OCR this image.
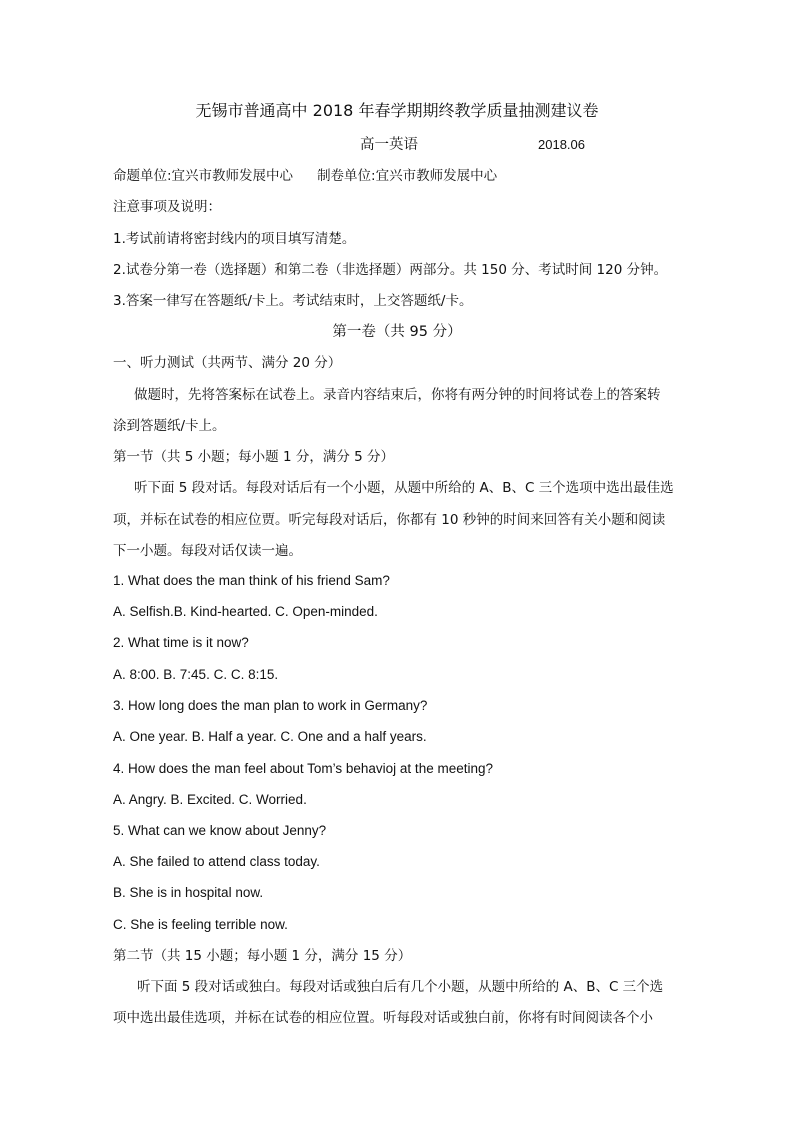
无锡市普通高中 2018 年春学期期终教学质量抽测建议卷
高一英语	2018.06
命题单位:宜兴市教师发展中心 制卷单位:宜兴市教师发展中心
注意事项及说明：
1.考试前请将密封线内的项目填写清楚。
2.试卷分第一卷（选择题）和第二卷（非选择题）两部分。共 150 分、考试时间 120 分钟。
3.答案一律写在答题纸/卡上。考试结束时，上交答题纸/卡。
第一卷（共 95 分）
一、听力测试（共两节、满分 20 分）
做题时，先将答案标在试卷上。录音内容结束后，你将有两分钟的时间将试卷上的答案转
涂到答题纸/卡上。
第一节（共 5 小题；每小题 1 分，满分 5 分）
听下面 5 段对话。每段对话后有一个小题，从题中所给的 A、B、C 三个选项中选出最佳选
项，并标在试卷的相应位贾。听完每段对话后，你都有 10 秒钟的时间来回答有关小题和阅读
下一小题。每段对话仅读一遍。
1. What does the man think of his friend Sam?
A. Selfish.B. Kind-hearted. C. Open-minded.
2. What time is it now?
A. 8:00. B. 7:45. C. C. 8:15.
3. How long does the man plan to work in Germany?
A. One year. B. Half a year. C. One and a half years.
4. How does the man feel about Tom’s behavioj at the meeting?
A. Angry. B. Excited. C. Worried.
5. What can we know about Jenny?
A. She failed to attend class today.
B. She is in hospital now.
C. She is feeling terrible now.
第二节（共 15 小题；每小题 1 分，满分 15 分）
听下面 5 段对话或独白。每段对话或独白后有几个小题，从题中所给的 A、B、C 三个选
项中选出最佳选项，并标在试卷的相应位置。听每段对话或独白前，你将有时间阅读各个小
